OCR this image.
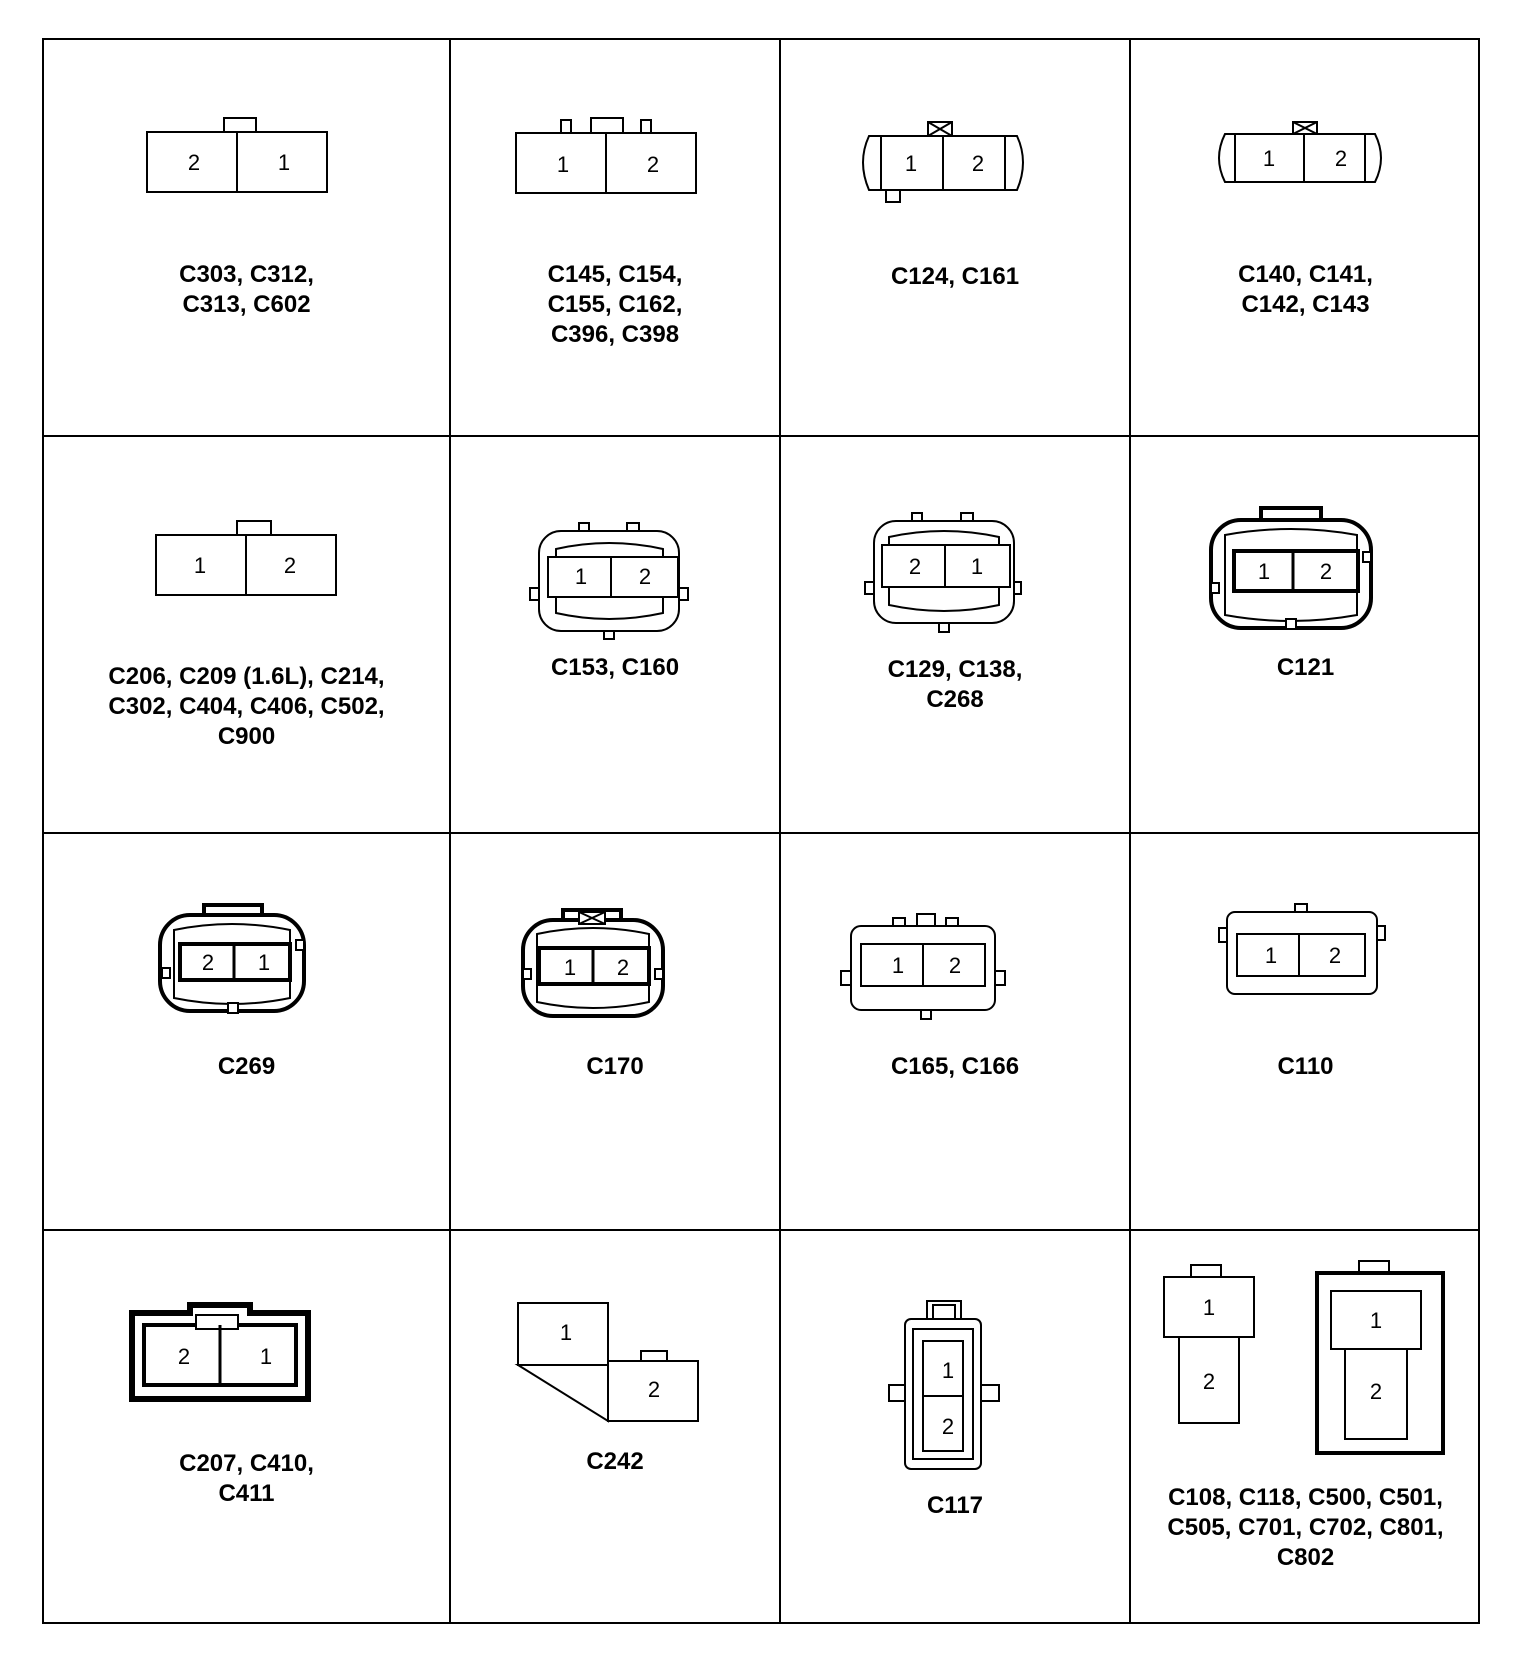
2	1
C303, C312,
C313, C602
1	2
C145, C154,
C155, C162,
C396, C398
1 2
C124, C161
1	2
C140, C141,
C142, C143
1	2
C206, C209 (1.6L), C214,
C302, C404, C406, C502,
C900
1 2
C153, C160
2 1
C129, C138,
C268
1 2
C121
2 1
C269
1 2
C170
1 2
C165, C166
1 2
C110
2	1
C207, C410,
C411
1
2
C242
1
2
C117
1
2
1
2
C108, C118, C500, C501,
C505, C701, C702, C801,
C802
